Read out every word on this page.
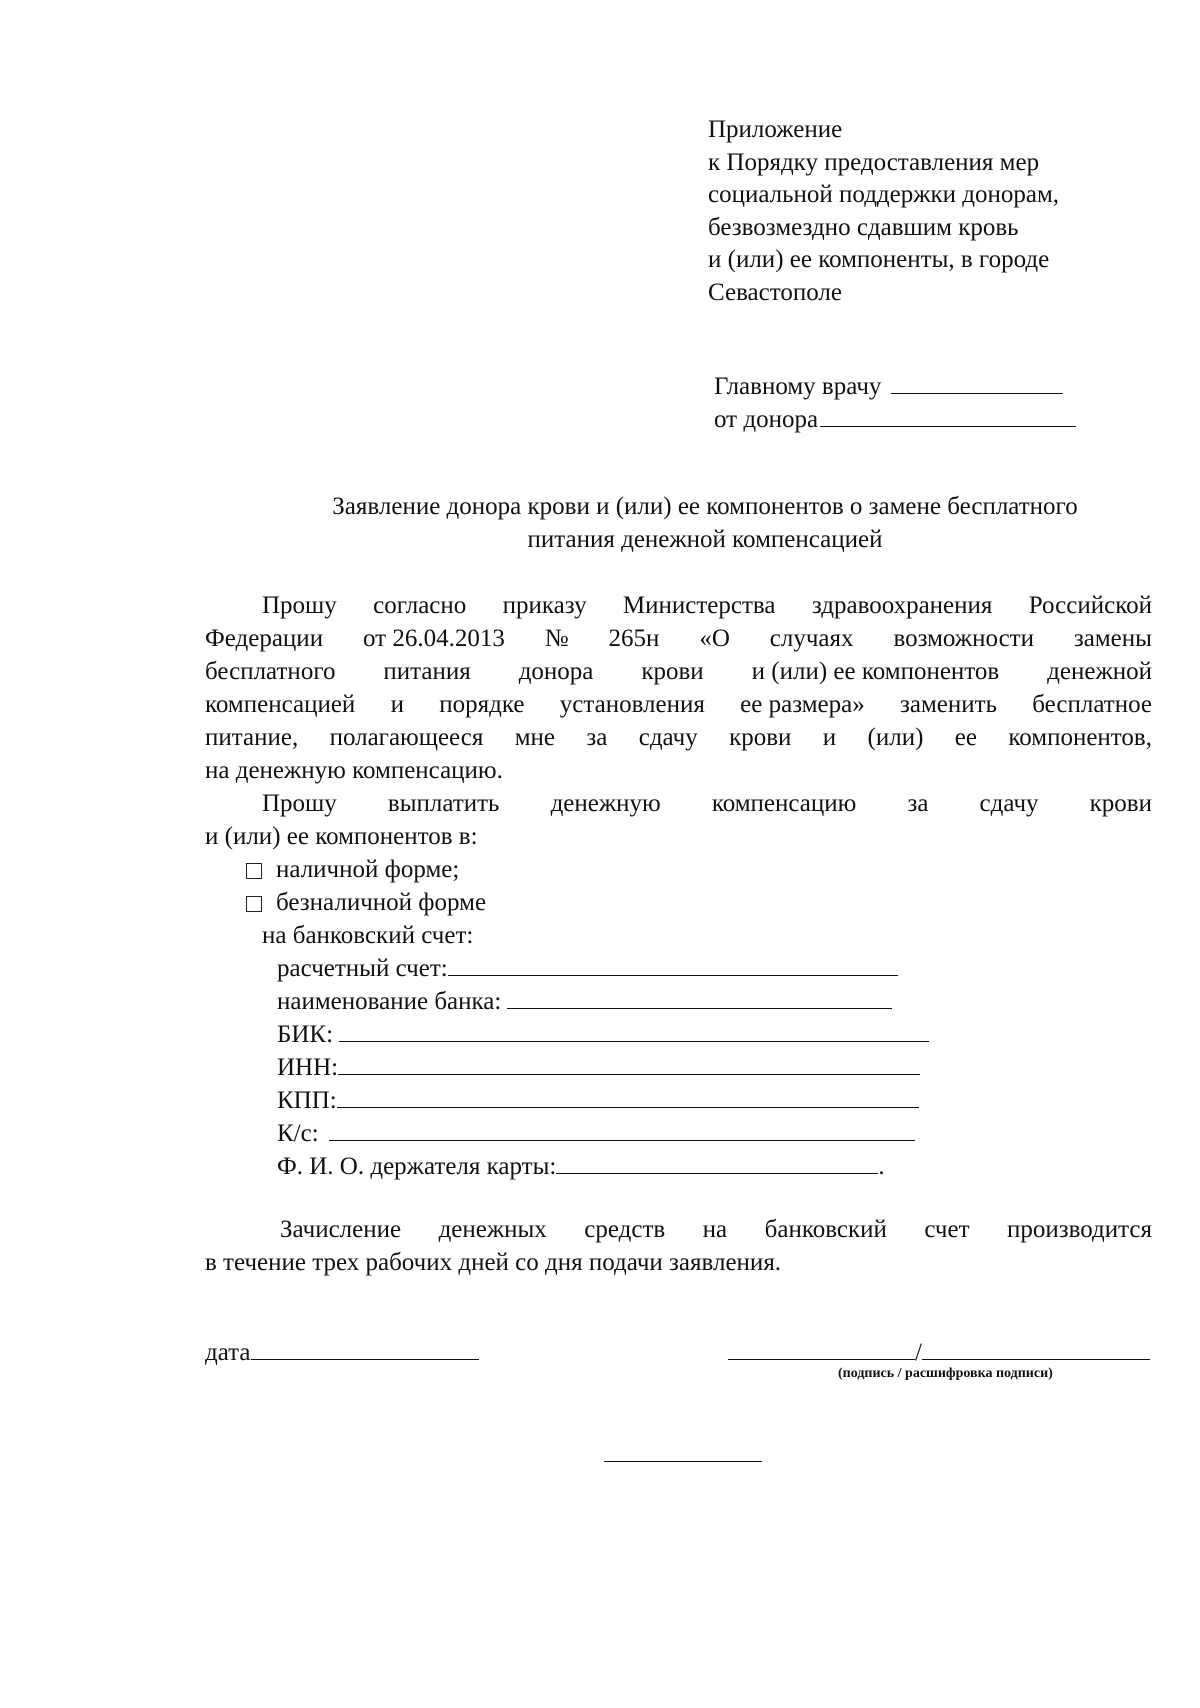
Приложение
к Порядку предоставления мер
социальной поддержки донорам,
безвозмездно сдавшим кровь
и (или) ее компоненты, в городе
Севастополе
Главному врачу
от донора
Заявление донора крови и (или) ее компонентов о замене бесплатного
питания денежной компенсацией
Прошу согласно приказу Министерства здравоохранения Российской
Федерации от 26.04.2013 № 265н «О случаях возможности замены
бесплатного питания донора крови и (или) ее компонентов денежной
компенсацией и порядке установления ее размера» заменить бесплатное
питание, полагающееся мне за сдачу крови и (или) ее компонентов,
на денежную компенсацию.
Прошу выплатить денежную компенсацию за сдачу крови
и (или) ее компонентов в:
наличной форме;
безналичной форме
на банковский счет:
расчетный счет:
наименование банка:
БИК:
ИНН:
КПП:
К/с:
Ф. И. О. держателя карты:	.
Зачисление денежных средств на банковский счет производится
в течение трех рабочих дней со дня подачи заявления.
дата	/
(подпись / расшифровка подписи)
